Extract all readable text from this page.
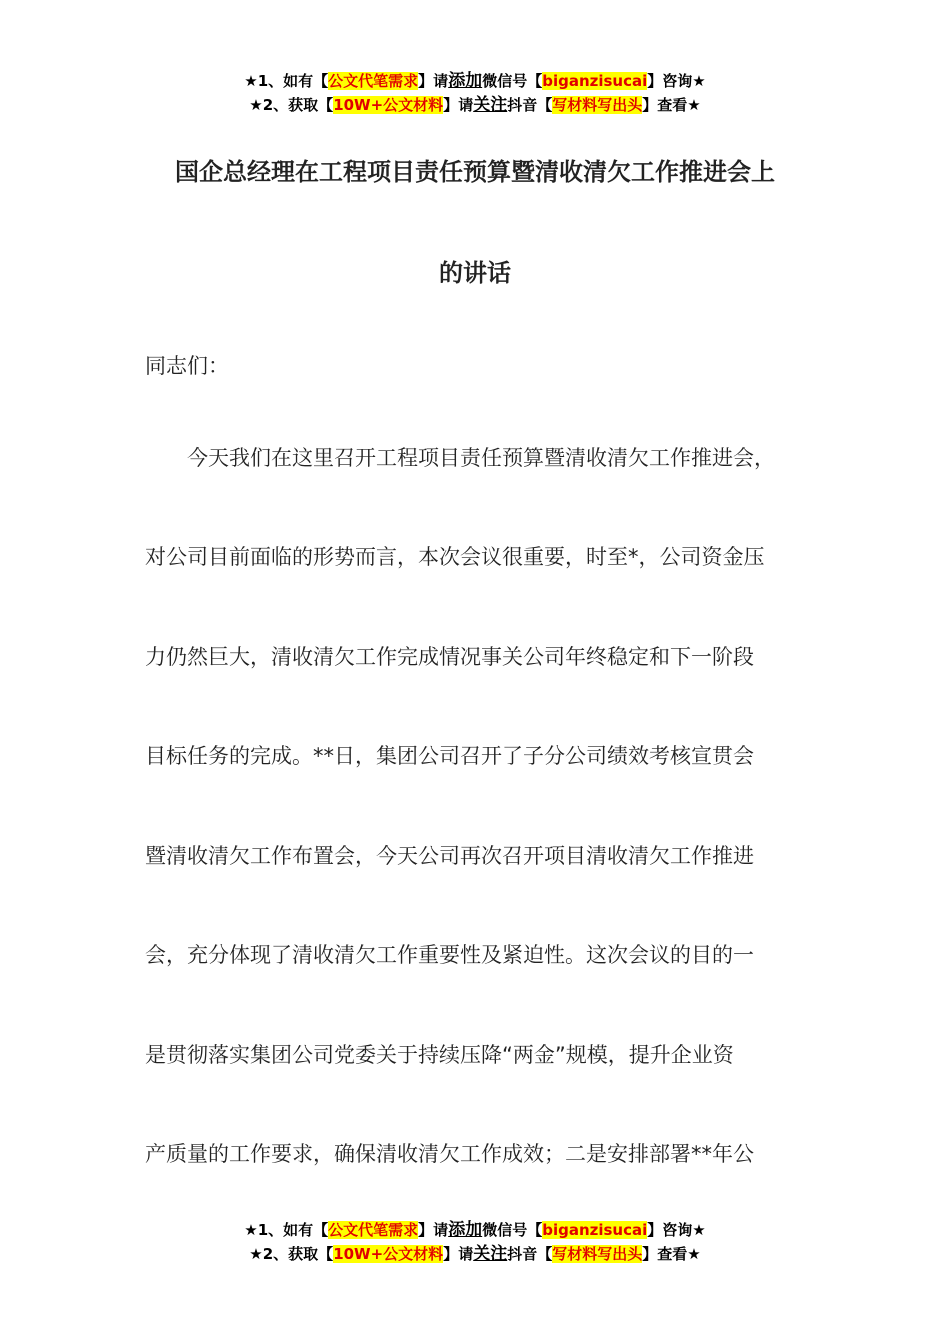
★1、如有【公文代笔需求】请添加微信号【biganzisucai】咨询★
★2、获取【10W+公文材料】请关注抖音【写材料写出头】查看★
国企总经理在工程项目责任预算暨清收清欠工作推进会上
的讲话
同志们：
　　今天我们在这里召开工程项目责任预算暨清收清欠工作推进会，
对公司目前面临的形势而言，本次会议很重要，时至*，公司资金压
力仍然巨大，清收清欠工作完成情况事关公司年终稳定和下一阶段
目标任务的完成。**日，集团公司召开了子分公司绩效考核宣贯会
暨清收清欠工作布置会，今天公司再次召开项目清收清欠工作推进
会，充分体现了清收清欠工作重要性及紧迫性。这次会议的目的一
是贯彻落实集团公司党委关于持续压降“两金”规模，提升企业资
产质量的工作要求，确保清收清欠工作成效；二是安排部署**年公
★1、如有【公文代笔需求】请添加微信号【biganzisucai】咨询★
★2、获取【10W+公文材料】请关注抖音【写材料写出头】查看★
